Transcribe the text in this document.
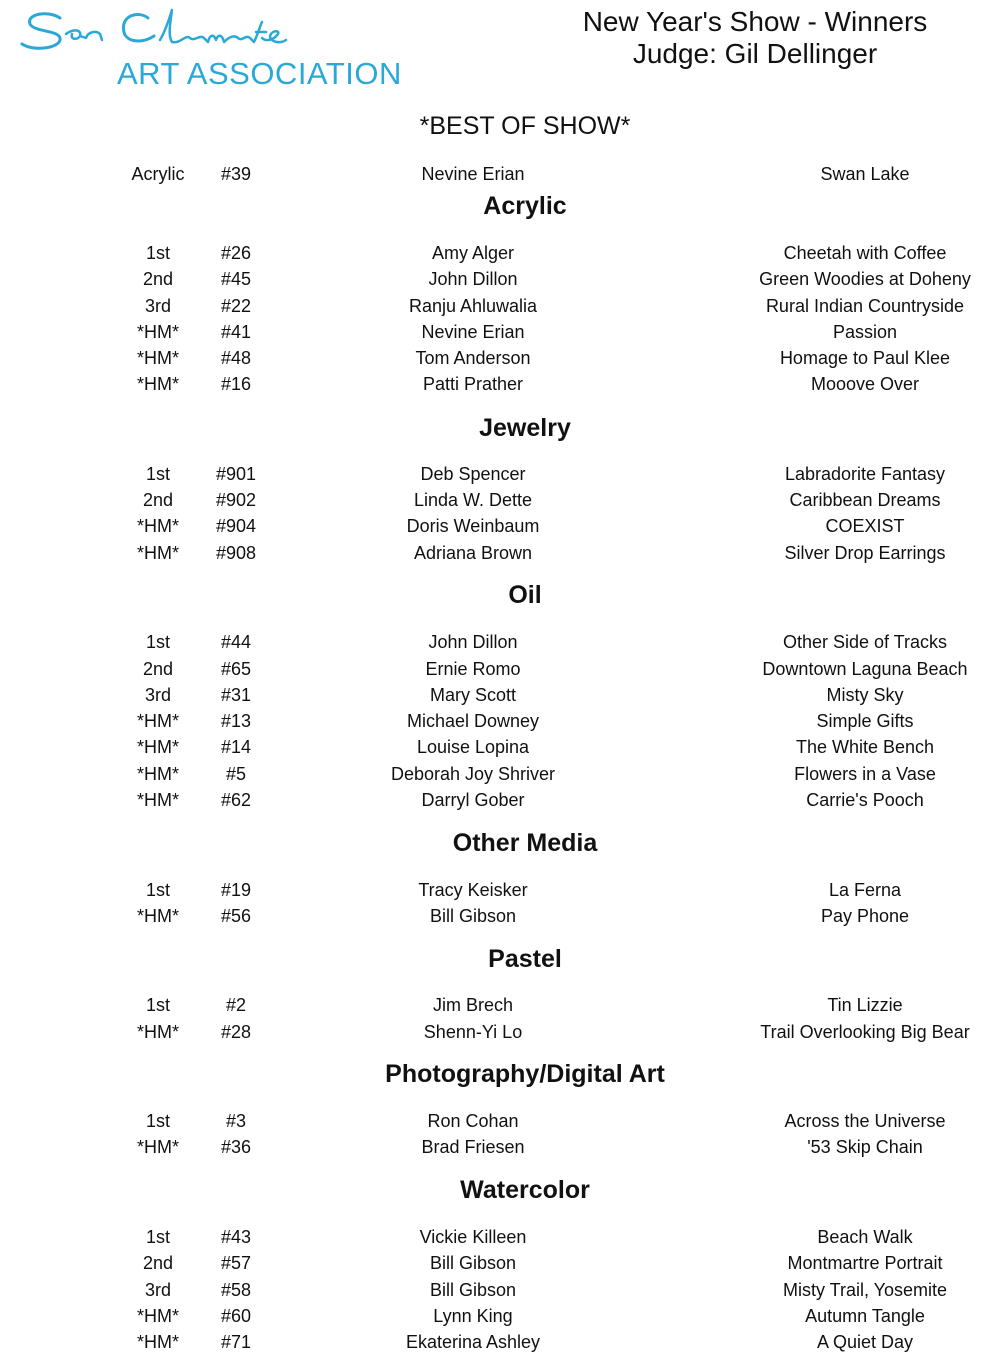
ART ASSOCIATION
New Year's Show - Winners
Judge: Gil Dellinger
*BEST OF SHOW*
Acrylic	#39	Nevine Erian	Swan Lake
Acrylic
1st	#26	Amy Alger	Cheetah with Coffee
2nd	#45	John Dillon	Green Woodies at Doheny
3rd	#22	Ranju Ahluwalia	Rural Indian Countryside
*HM*	#41	Nevine Erian	Passion
*HM*	#48	Tom Anderson	Homage to Paul Klee
*HM*	#16	Patti Prather	Mooove Over
Jewelry
1st	#901	Deb Spencer	Labradorite Fantasy
2nd	#902	Linda W. Dette	Caribbean Dreams
*HM*	#904	Doris Weinbaum	COEXIST
*HM*	#908	Adriana Brown	Silver Drop Earrings
Oil
1st	#44	John Dillon	Other Side of Tracks
2nd	#65	Ernie Romo	Downtown Laguna Beach
3rd	#31	Mary Scott	Misty Sky
*HM*	#13	Michael Downey	Simple Gifts
*HM*	#14	Louise Lopina	The White Bench
*HM*	#5	Deborah Joy Shriver	Flowers in a Vase
*HM*	#62	Darryl Gober	Carrie's Pooch
Other Media
1st	#19	Tracy Keisker	La Ferna
*HM*	#56	Bill Gibson	Pay Phone
Pastel
1st	#2	Jim Brech	Tin Lizzie
*HM*	#28	Shenn-Yi Lo	Trail Overlooking Big Bear
Photography/Digital Art
1st	#3	Ron Cohan	Across the Universe
*HM*	#36	Brad Friesen	'53 Skip Chain
Watercolor
1st	#43	Vickie Killeen	Beach Walk
2nd	#57	Bill Gibson	Montmartre Portrait
3rd	#58	Bill Gibson	Misty Trail, Yosemite
*HM*	#60	Lynn King	Autumn Tangle
*HM*	#71	Ekaterina Ashley	A Quiet Day
